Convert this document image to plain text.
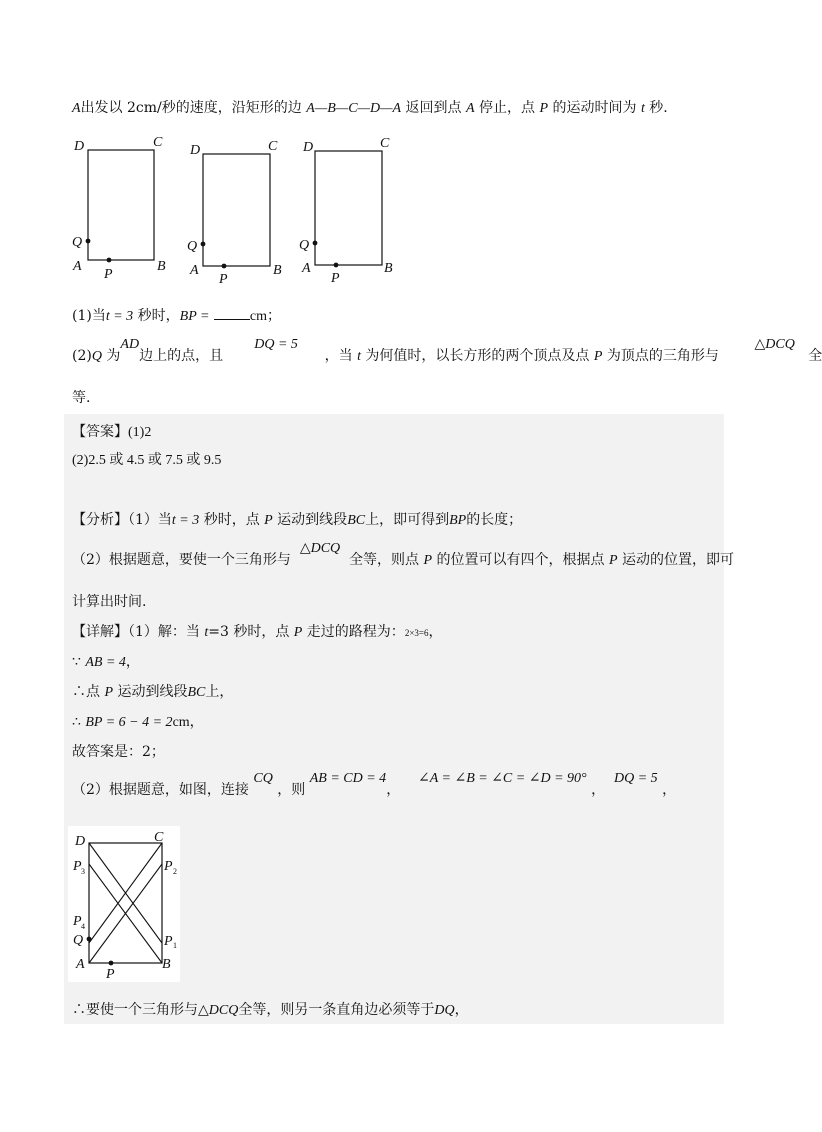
A出发以 2cm/秒的速度，沿矩形的边 A—B—C—D—A 返回到点 A 停止，点 P 的运动时间为 t 秒.
D	C
Q
A	B
P
D	C
Q
A	B
P
D	C
Q
A	B
P
(1)当t = 3 秒时，BP =	cm；
(2)Q 为AD边上的点，且       DQ = 5      ，当 t 为何值时，以长方形的两个顶点及点 P 为顶点的三角形与        △DCQ   全
等.
【答案】(1)2
(2)2.5 或 4.5 或 7.5 或 9.5
【分析】（1）当t = 3 秒时，点 P 运动到线段BC上，即可得到BP的长度；
（2）根据题意，要使一个三角形与  △DCQ  全等，则点 P 的位置可以有四个，根据点 P 运动的位置，即可
计算出时间.
【详解】（1）解：当 t=3 秒时，点 P 走过的路程为：2×3=6，
∵ AB = 4，
∴点 P 运动到线段BC上，
∴ BP = 6 − 4 = 2cm，
故答案是：2；
（2）根据题意，如图，连接 CQ ，则 AB = CD = 4，    ∠A = ∠B = ∠C = ∠D = 90° ，  DQ = 5 ，
D	C
P 3	P 2
P 4
P 1
Q
A	B
P
∴要使一个三角形与△DCQ全等，则另一条直角边必须等于DQ，
